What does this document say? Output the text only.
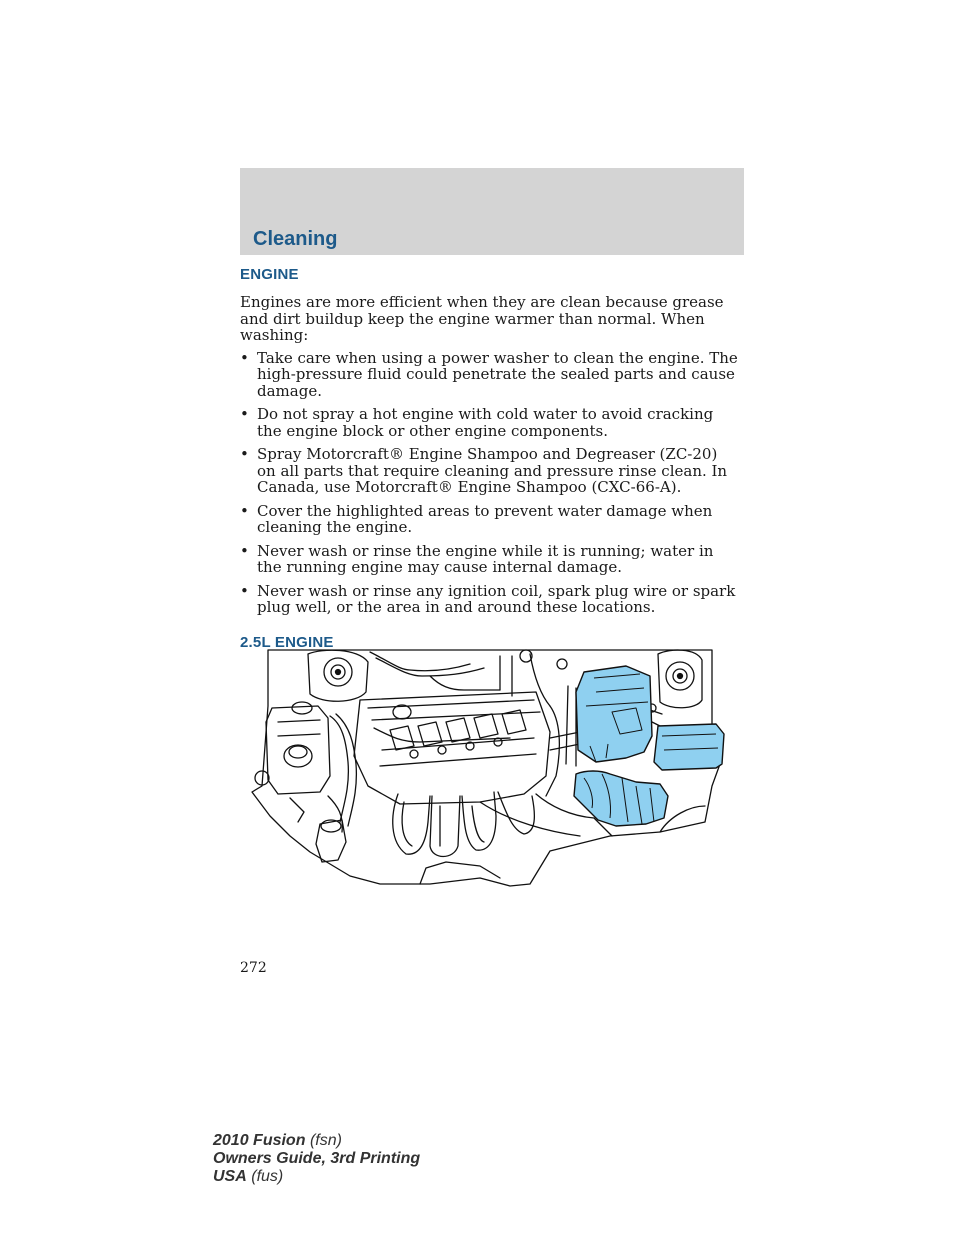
Cleaning
ENGINE

Engines are more efficient when they are clean because grease and dirt buildup keep the engine warmer than normal. When washing:

• Take care when using a power washer to clean the engine. The high-pressure fluid could penetrate the sealed parts and cause damage.
• Do not spray a hot engine with cold water to avoid cracking the engine block or other engine components.
• Spray Motorcraft® Engine Shampoo and Degreaser (ZC-20) on all parts that require cleaning and pressure rinse clean. In Canada, use Motorcraft® Engine Shampoo (CXC-66-A).
• Cover the highlighted areas to prevent water damage when cleaning the engine.
• Never wash or rinse the engine while it is running; water in the running engine may cause internal damage.
• Never wash or rinse any ignition coil, spark plug wire or spark plug well, or the area in and around these locations.
2.5L ENGINE

272

2010 Fusion (fsn)
Owners Guide, 3rd Printing
USA (fus)
